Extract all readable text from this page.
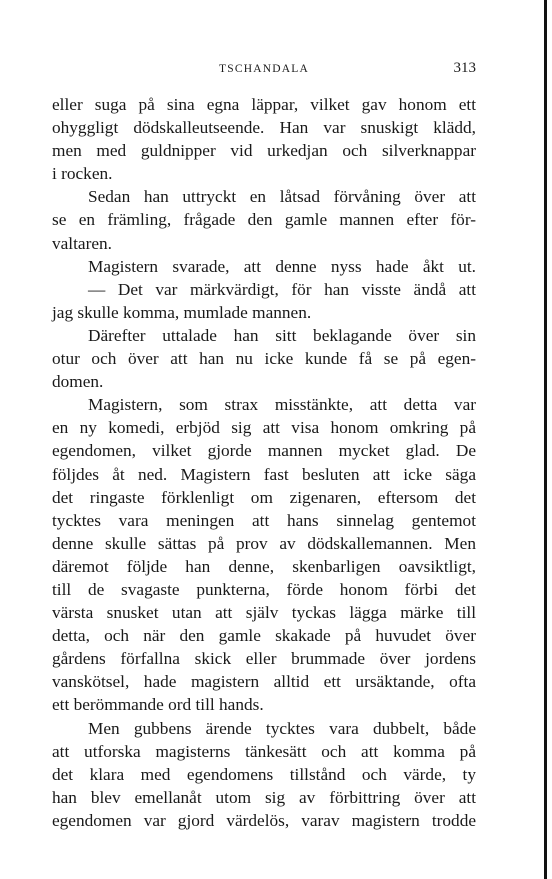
TSCHANDALA	313

eller suga på sina egna läppar, vilket gav honom ett
ohyggligt dödskalleutseende. Han var snuskigt klädd,
men med guldnipper vid urkedjan och silverknappar
i rocken.

Sedan han uttryckt en låtsad förvåning över att
se en främling, frågade den gamle mannen efter för-
valtaren.

Magistern svarade, att denne nyss hade åkt ut.

— Det var märkvärdigt, för han visste ändå att
jag skulle komma, mumlade mannen.

Därefter uttalade han sitt beklagande över sin
otur och över att han nu icke kunde få se på egen-
domen.

Magistern, som strax misstänkte, att detta var
en ny komedi, erbjöd sig att visa honom omkring på
egendomen, vilket gjorde mannen mycket glad. De
följdes åt ned. Magistern fast besluten att icke säga
det ringaste förklenligt om zigenaren, eftersom det
tycktes vara meningen att hans sinnelag gentemot
denne skulle sättas på prov av dödskallemannen. Men
däremot följde han denne, skenbarligen oavsiktligt,
till de svagaste punkterna, förde honom förbi det
värsta snusket utan att själv tyckas lägga märke till
detta, och när den gamle skakade på huvudet över
gårdens förfallna skick eller brummade över jordens
vanskötsel, hade magistern alltid ett ursäktande, ofta
ett berömmande ord till hands.

Men gubbens ärende tycktes vara dubbelt, både
att utforska magisterns tänkesätt och att komma på
det klara med egendomens tillstånd och värde, ty
han blev emellanåt utom sig av förbittring över att
egendomen var gjord värdelös, varav magistern trodde
